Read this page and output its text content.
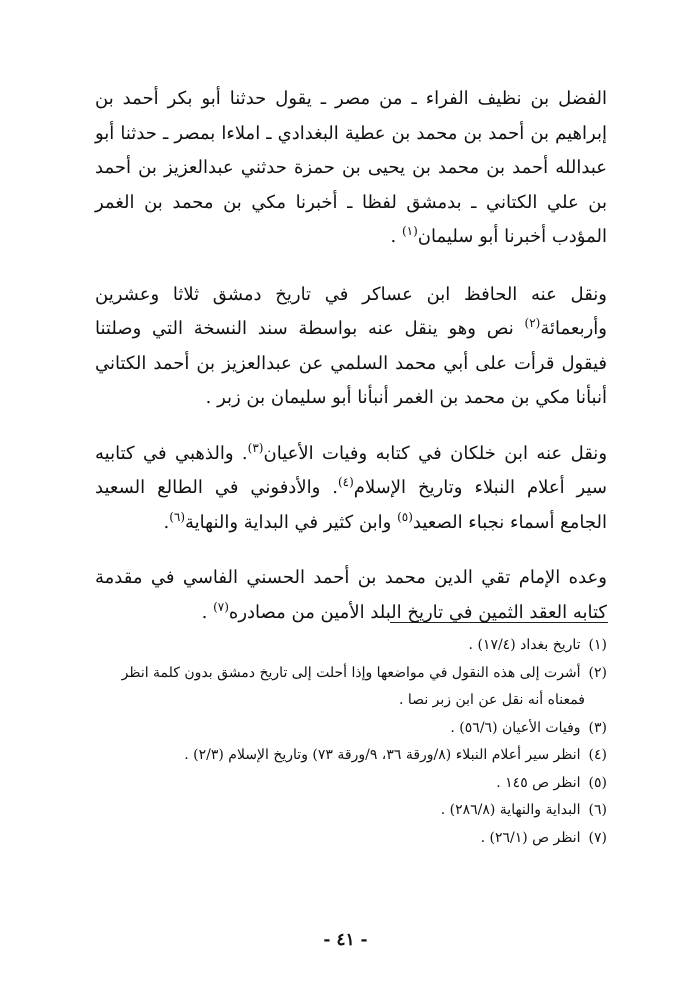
الفضل بن نظيف الفراء ـ من مصر ـ يقول حدثنا أبو بكر أحمد بن إبراهيم بن أحمد بن محمد بن عطية البغدادي ـ املاءا بمصر ـ حدثنا أبو عبدالله أحمد بن محمد بن يحيى بن حمزة حدثني عبدالعزيز بن أحمد بن علي الكتاني ـ بدمشق لفظا ـ أخبرنا مكي بن محمد بن الغمر المؤدب أخبرنا أبو سليمان$^{(١)}$ .

ونقل عنه الحافظ ابن عساكر في تاريخ دمشق ثلاثا وعشرين وأربعمائة$^{(٢)}$ نص وهو ينقل عنه بواسطة سند النسخة التي وصلتنا فيقول قرأت على أبي محمد السلمي عن عبدالعزيز بن أحمد الكتاني أنبأنا مكي بن محمد بن الغمر أنبأنا أبو سليمان بن زبر .

ونقل عنه ابن خلكان في كتابه وفيات الأعيان$^{(٣)}$. والذهبي في كتابيه سير أعلام النبلاء وتاريخ الإسلام$^{(٤)}$. والأدفوني في الطالع السعيد الجامع أسماء نجباء الصعيد$^{(٥)}$ وابن كثير في البداية والنهاية$^{(٦)}$.

وعده الإمام تقي الدين محمد بن أحمد الحسني الفاسي في مقدمة كتابه العقد الثمين في تاريخ البلد الأمين من مصادره$^{(٧)}$ .

(١) تاريخ بغداد (١٧/٤) .

(٢) أشرت إلى هذه النقول في مواضعها وإذا أحلت إلى تاريخ دمشق بدون كلمة انظر

فمعناه أنه نقل عن ابن زبر نصا .

(٣) وفيات الأعيان (٥٦/٦) .

(٤) انظر سير أعلام النبلاء (٨/ورقة ٣٦، ٩/ورقة ٧٣) وتاريخ الإسلام (٢/٣) .

(٥) انظر ص ١٤٥ .

(٦) البداية والنهاية (٢٨٦/٨) .

(٧) انظر ص (٢٦/١) .

- ٤١ -
